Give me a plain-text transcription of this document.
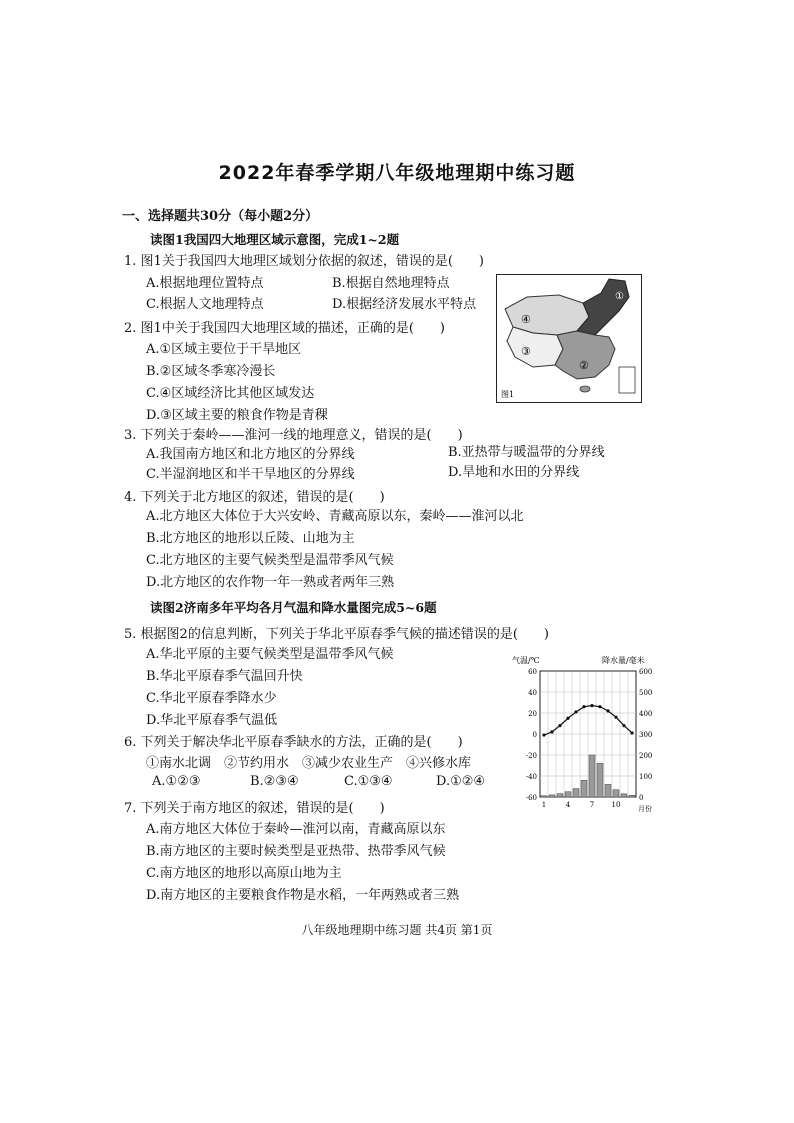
2022年春季学期八年级地理期中练习题
一、选择题共30分（每小题2分）
读图1我国四大地理区域示意图，完成1~2题
1. 图1关于我国四大地理区域划分依据的叙述，错误的是(　　)
A.根据地理位置特点	B.根据自然地理特点
C.根据人文地理特点	D.根据经济发展水平特点
2. 图1中关于我国四大地理区域的描述，正确的是(　　)
A.①区域主要位于干旱地区
B.②区域冬季寒冷漫长
C.④区域经济比其他区域发达
D.③区域主要的粮食作物是青稞
④
①
③
②
图1
3. 下列关于秦岭——淮河一线的地理意义，错误的是(　　)
A.我国南方地区和北方地区的分界线	B.亚热带与暖温带的分界线
C.半湿润地区和半干旱地区的分界线	D.旱地和水田的分界线
4. 下列关于北方地区的叙述，错误的是(　　)
A.北方地区大体位于大兴安岭、青藏高原以东，秦岭——淮河以北
B.北方地区的地形以丘陵、山地为主
C.北方地区的主要气候类型是温带季风气候
D.北方地区的农作物一年一熟或者两年三熟
读图2济南多年平均各月气温和降水量图完成5~6题
5. 根据图2的信息判断，下列关于华北平原春季气候的描述错误的是(　　)
A.华北平原的主要气候类型是温带季风气候
B.华北平原春季气温回升快
C.华北平原春季降水少
D.华北平原春季气温低
6. 下列关于解决华北平原春季缺水的方法，正确的是(　　)
①南水北调　②节约用水　③减少农业生产　④兴修水库
A.①②③	B.②③④	C.①③④	D.①②④
气温/℃	降水量/毫米
60
40
20
0
-20
-40
-60
600
500
400
300
200
100
0
1	4	7 10	月份
7. 下列关于南方地区的叙述，错误的是(　　)
A.南方地区大体位于秦岭—淮河以南，青藏高原以东
B.南方地区的主要时候类型是亚热带、热带季风气候
C.南方地区的地形以高原山地为主
D.南方地区的主要粮食作物是水稻，一年两熟或者三熟
八年级地理期中练习题 共4页 第1页
